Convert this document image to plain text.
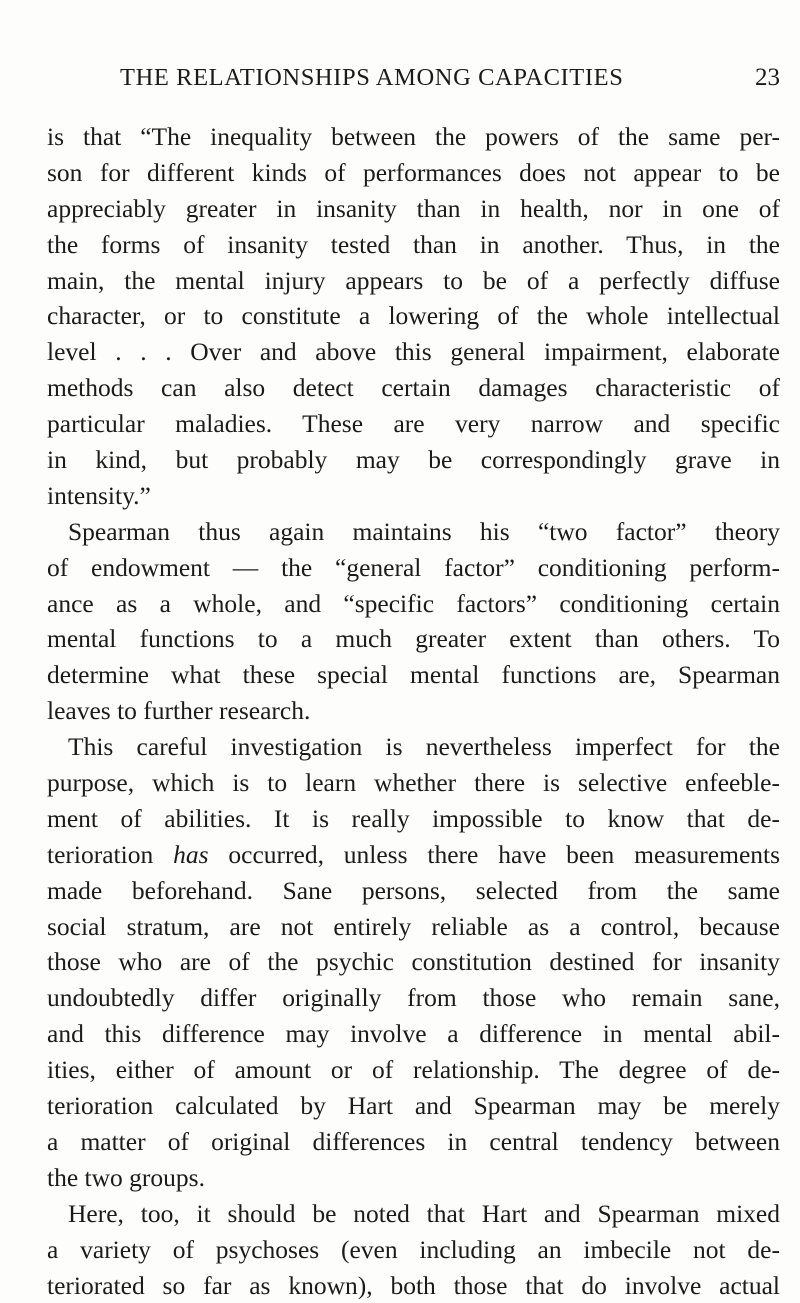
THE RELATIONSHIPS AMONG CAPACITIES	23
is that “The inequality between the powers of the same per-
son for different kinds of performances does not appear to be
appreciably greater in insanity than in health, nor in one of
the forms of insanity tested than in another. Thus, in the
main, the mental injury appears to be of a perfectly diffuse
character, or to constitute a lowering of the whole intellectual
level . . . Over and above this general impairment, elaborate
methods can also detect certain damages characteristic of
particular maladies. These are very narrow and specific
in kind, but probably may be correspondingly grave in
intensity.”
Spearman thus again maintains his “two factor” theory
of endowment — the “general factor” conditioning perform-
ance as a whole, and “specific factors” conditioning certain
mental functions to a much greater extent than others. To
determine what these special mental functions are, Spearman
leaves to further research.
This careful investigation is nevertheless imperfect for the
purpose, which is to learn whether there is selective enfeeble-
ment of abilities. It is really impossible to know that de-
terioration has occurred, unless there have been measurements
made beforehand. Sane persons, selected from the same
social stratum, are not entirely reliable as a control, because
those who are of the psychic constitution destined for insanity
undoubtedly differ originally from those who remain sane,
and this difference may involve a difference in mental abil-
ities, either of amount or of relationship. The degree of de-
terioration calculated by Hart and Spearman may be merely
a matter of original differences in central tendency between
the two groups.
Here, too, it should be noted that Hart and Spearman mixed
a variety of psychoses (even including an imbecile not de-
teriorated so far as known), both those that do involve actual
